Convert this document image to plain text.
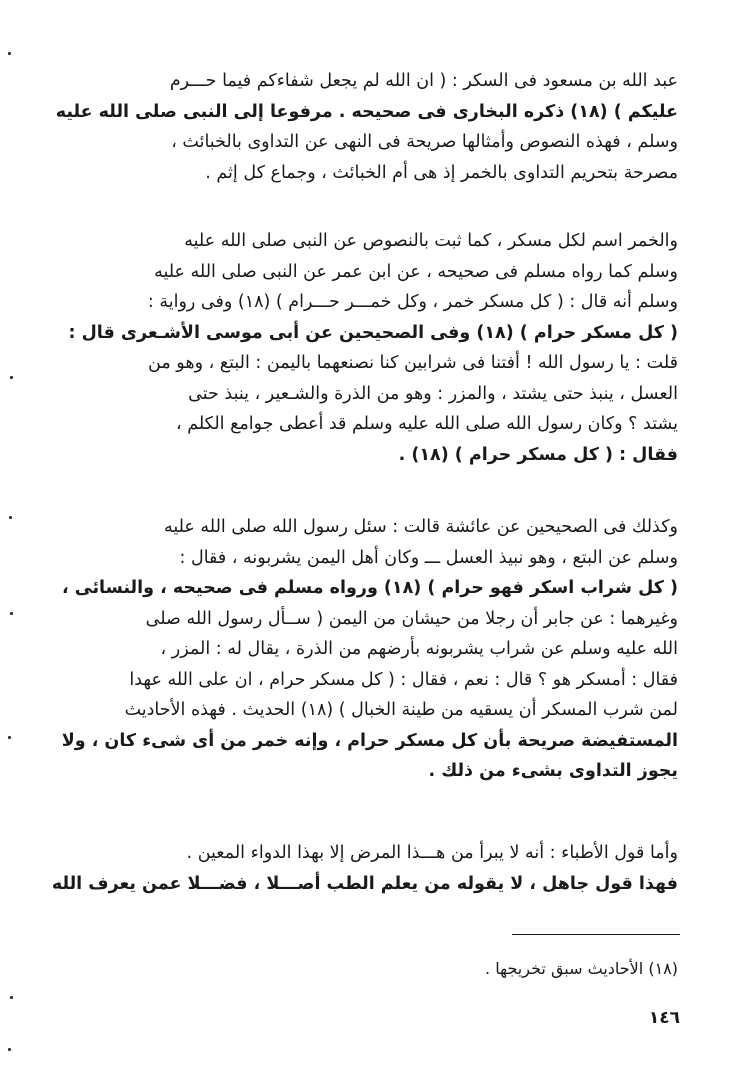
عبد الله بن مسعود فى السكر : ( ان الله لم يجعل شفاءكم فيما حـــرم
عليكم ) (١٨) ذكره البخارى فى صحيحه . مرفوعا إلى النبى صلى الله عليه
وسلم ، فهذه النصوص وأمثالها صريحة فى النهى عن التداوى بالخبائث ،
مصرحة بتحريم التداوى بالخمر إذ هى أم الخبائث ، وجماع كل إثم .
والخمر اسم لكل مسكر ، كما ثبت بالنصوص عن النبى صلى الله عليه
وسلم كما رواه مسلم فى صحيحه ، عن ابن عمر عن النبى صلى الله عليه
وسلم أنه قال : ( كل مسكر خمر ، وكل خمـــر حـــرام ) (١٨) وفى رواية :
( كل مسكر حرام ) (١٨) وفى الصحيحين عن أبى موسى الأشـعرى قال :
قلت : يا رسول الله ! أفتنا فى شرابين كنا نصنعهما باليمن : البتع ، وهو من
العسل ، ينبذ حتى يشتد ، والمزر : وهو من الذرة والشـعير ، ينبذ حتى
يشتد ؟ وكان رسول الله صلى الله عليه وسلم قد أعطى جوامع الكلم ،
فقال : ( كل مسكر حرام ) (١٨) .
وكذلك فى الصحيحين عن عائشة قالت : سئل رسول الله صلى الله عليه
وسلم عن البتع ، وهو نبيذ العسل ـــ وكان أهل اليمن يشربونه ، فقال :
( كل شراب اسكر فهو حرام ) (١٨) ورواه مسلم فى صحيحه ، والنسائى ،
وغيرهما : عن جابر أن رجلا من حيشان من اليمن ( ســأل رسول الله صلى
الله عليه وسلم عن شراب يشربونه بأرضهم من الذرة ، يقال له : المزر ،
فقال : أمسكر هو ؟ قال : نعم ، فقال : ( كل مسكر حرام ، ان على الله عهدا
لمن شرب المسكر أن يسقيه من طينة الخبال ) (١٨) الحديث . فهذه الأحاديث
المستفيضة صريحة بأن كل مسكر حرام ، وإنه خمر من أى شىء كان ، ولا
يجوز التداوى بشىء من ذلك .
وأما قول الأطباء : أنه لا يبرأ من هـــذا المرض إلا بهذا الدواء المعين .
فهذا قول جاهل ، لا يقوله من يعلم الطب أصـــلا ، فضـــلا عمن يعرف الله
(١٨) الأحاديث سبق تخريجها .
١٤٦
